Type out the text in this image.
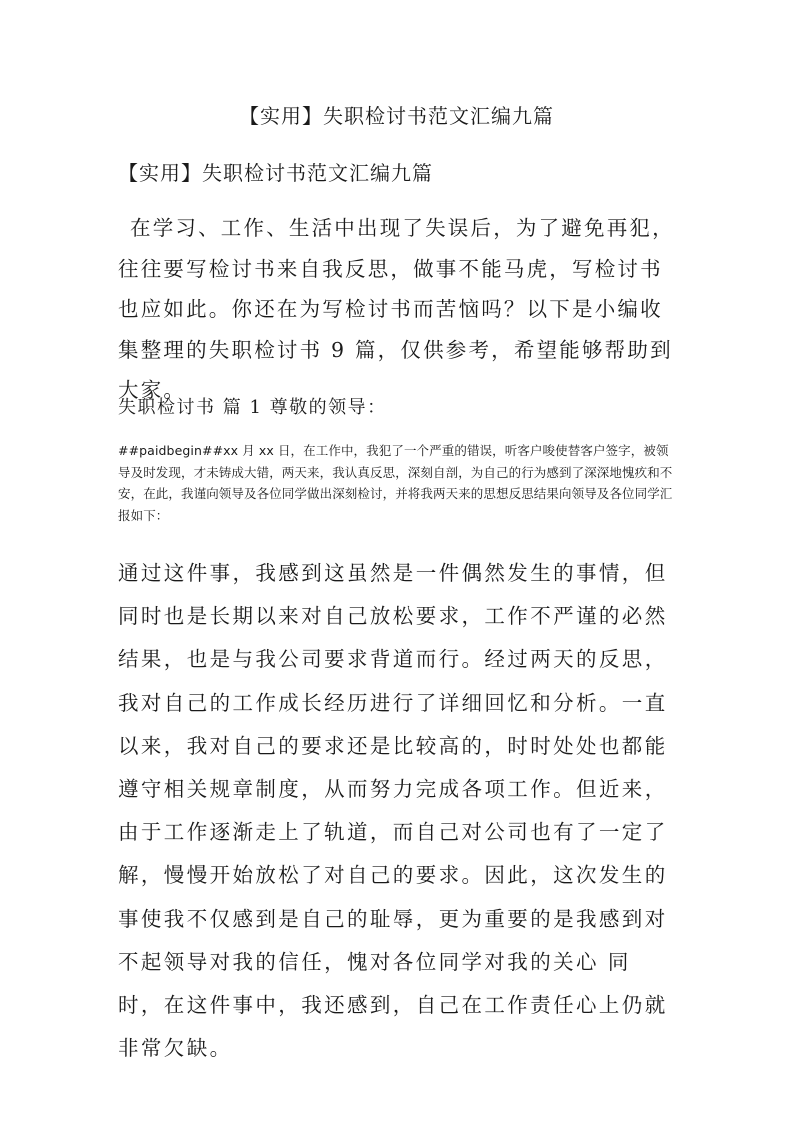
【实用】失职检讨书范文汇编九篇
【实用】失职检讨书范文汇编九篇

在学习、工作、生活中出现了失误后，为了避免再犯，往往要写检讨书来自我反思，做事不能马虎，写检讨书也应如此。你还在为写检讨书而苦恼吗？以下是小编收集整理的失职检讨书 9 篇，仅供参考，希望能够帮助到大家。

失职检讨书 篇 1 尊敬的领导：

##paidbegin##xx 月 xx 日，在工作中，我犯了一个严重的错误，听客户唆使替客户签字，被领导及时发现，才未铸成大错，两天来，我认真反思，深刻自剖，为自己的行为感到了深深地愧疚和不安，在此，我谨向领导及各位同学做出深刻检讨，并将我两天来的思想反思结果向领导及各位同学汇报如下：

通过这件事，我感到这虽然是一件偶然发生的事情，但同时也是长期以来对自己放松要求，工作不严谨的必然结果，也是与我公司要求背道而行。经过两天的反思，我对自己的工作成长经历进行了详细回忆和分析。一直以来，我对自己的要求还是比较高的，时时处处也都能遵守相关规章制度，从而努力完成各项工作。但近来，由于工作逐渐走上了轨道，而自己对公司也有了一定了解，慢慢开始放松了对自己的要求。因此，这次发生的事使我不仅感到是自己的耻辱，更为重要的是我感到对不起领导对我的信任，愧对各位同学对我的关心 同时，在这件事中，我还感到，自己在工作责任心上仍就非常欠缺。
